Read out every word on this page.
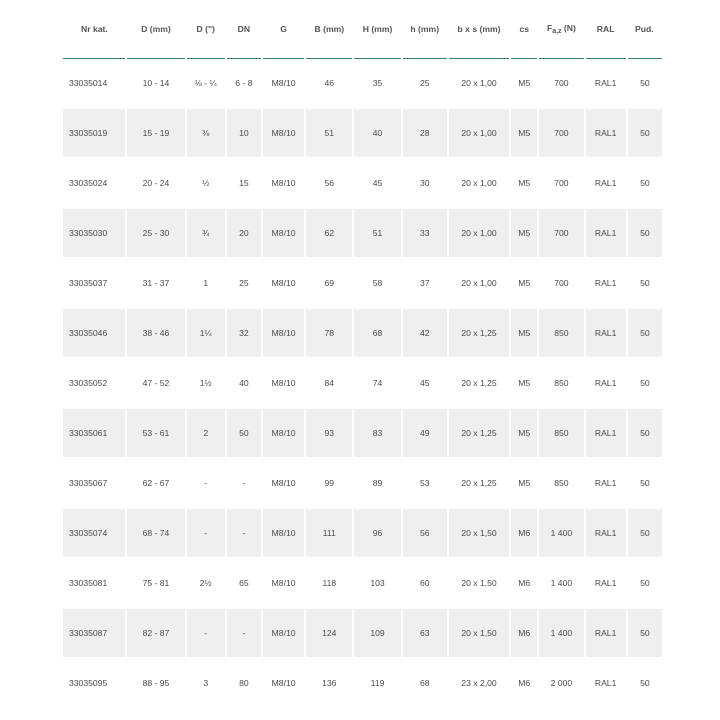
Nr kat.	D (mm)	D (")	DN	G	B (mm)	H (mm)	h (mm)	b x s (mm)	cs	$F_{a,z}$ (N)	RAL	Pud.
33035014	10 - 14	⅛ - ¼	6 - 8	M8/10	46	35	25	20 x 1,00	M5	700	RAL1	50
33035019	15 - 19	⅜	10	M8/10	51	40	28	20 x 1,00	M5	700	RAL1	50
33035024	20 - 24	½	15	M8/10	56	45	30	20 x 1,00	M5	700	RAL1	50
33035030	25 - 30	¾	20	M8/10	62	51	33	20 x 1,00	M5	700	RAL1	50
33035037	31 - 37	1	25	M8/10	69	58	37	20 x 1,00	M5	700	RAL1	50
33035046	38 - 46	1¼	32	M8/10	78	68	42	20 x 1,25	M5	850	RAL1	50
33035052	47 - 52	1½	40	M8/10	84	74	45	20 x 1,25	M5	850	RAL1	50
33035061	53 - 61	2	50	M8/10	93	83	49	20 x 1,25	M5	850	RAL1	50
33035067	62 - 67	-	-	M8/10	99	89	53	20 x 1,25	M5	850	RAL1	50
33035074	68 - 74	-	-	M8/10	111	96	56	20 x 1,50	M6	1 400	RAL1	50
33035081	75 - 81	2½	65	M8/10	118	103	60	20 x 1,50	M6	1 400	RAL1	50
33035087	82 - 87	-	-	M8/10	124	109	63	20 x 1,50	M6	1 400	RAL1	50
33035095	88 - 95	3	80	M8/10	136	119	68	23 x 2,00	M6	2 000	RAL1	50
